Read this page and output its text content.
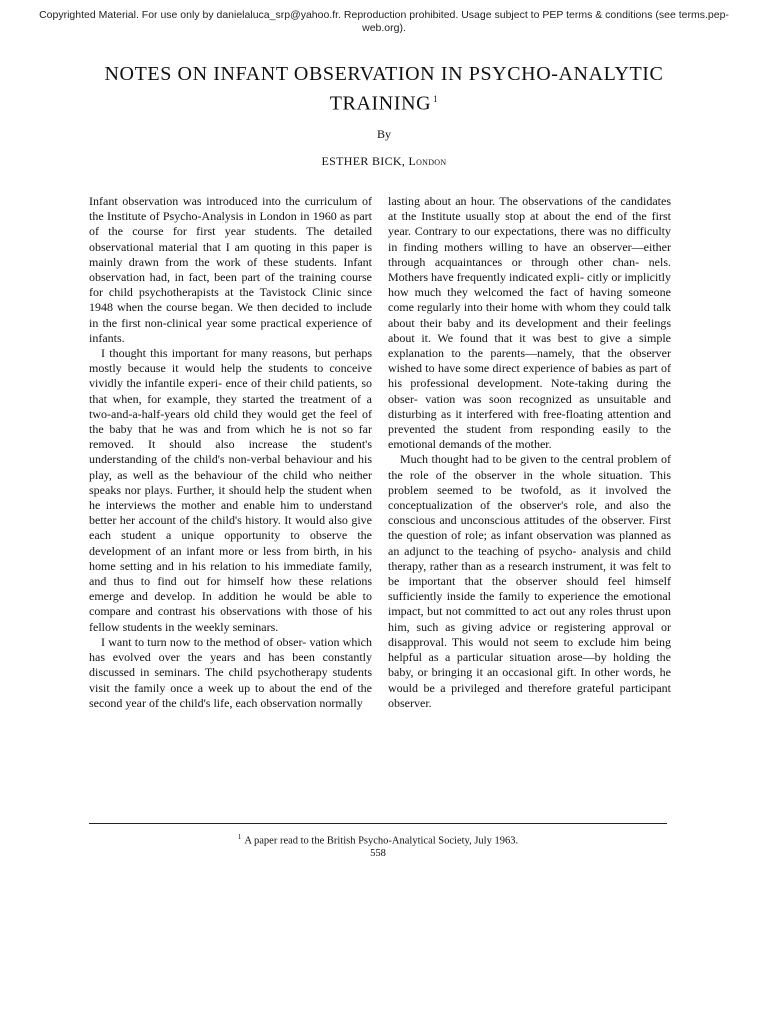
Copyrighted Material. For use only by danielaluca_srp@yahoo.fr. Reproduction prohibited. Usage subject to PEP terms & conditions (see terms.pep-web.org).
NOTES ON INFANT OBSERVATION IN PSYCHO-ANALYTIC TRAINING $^1$
By
ESTHER BICK, London

Infant observation was introduced into the curriculum of the Institute of Psycho-Analysis in London in 1960 as part of the course for first year students. The detailed observational material that I am quoting in this paper is mainly drawn from the work of these students. Infant observation had, in fact, been part of the training course for child psychotherapists at the Tavistock Clinic since 1948 when the course began. We then decided to include in the first non-clinical year some practical experience of infants.

I thought this important for many reasons, but perhaps mostly because it would help the students to conceive vividly the infantile experi- ence of their child patients, so that when, for example, they started the treatment of a two-and-a-half-years old child they would get the feel of the baby that he was and from which he is not so far removed. It should also increase the student's understanding of the child's non-verbal behaviour and his play, as well as the behaviour of the child who neither speaks nor plays. Further, it should help the student when he interviews the mother and enable him to understand better her account of the child's history. It would also give each student a unique opportunity to observe the development of an infant more or less from birth, in his home setting and in his relation to his immediate family, and thus to find out for himself how these relations emerge and develop. In addition he would be able to compare and contrast his observations with those of his fellow students in the weekly seminars.

I want to turn now to the method of obser- vation which has evolved over the years and has been constantly discussed in seminars. The child psychotherapy students visit the family once a week up to about the end of the second year of the child's life, each observation normally

lasting about an hour. The observations of the candidates at the Institute usually stop at about the end of the first year. Contrary to our expectations, there was no difficulty in finding mothers willing to have an observer—either through acquaintances or through other chan- nels. Mothers have frequently indicated expli- citly or implicitly how much they welcomed the fact of having someone come regularly into their home with whom they could talk about their baby and its development and their feelings about it. We found that it was best to give a simple explanation to the parents—namely, that the observer wished to have some direct experience of babies as part of his professional development. Note-taking during the obser- vation was soon recognized as unsuitable and disturbing as it interfered with free-floating attention and prevented the student from responding easily to the emotional demands of the mother.

Much thought had to be given to the central problem of the role of the observer in the whole situation. This problem seemed to be twofold, as it involved the conceptualization of the observer's role, and also the conscious and unconscious attitudes of the observer. First the question of role; as infant observation was planned as an adjunct to the teaching of psycho- analysis and child therapy, rather than as a research instrument, it was felt to be important that the observer should feel himself sufficiently inside the family to experience the emotional impact, but not committed to act out any roles thrust upon him, such as giving advice or registering approval or disapproval. This would not seem to exclude him being helpful as a particular situation arose—by holding the baby, or bringing it an occasional gift. In other words, he would be a privileged and therefore grateful participant observer.

$^1$ A paper read to the British Psycho-Analytical Society, July 1963.
558
